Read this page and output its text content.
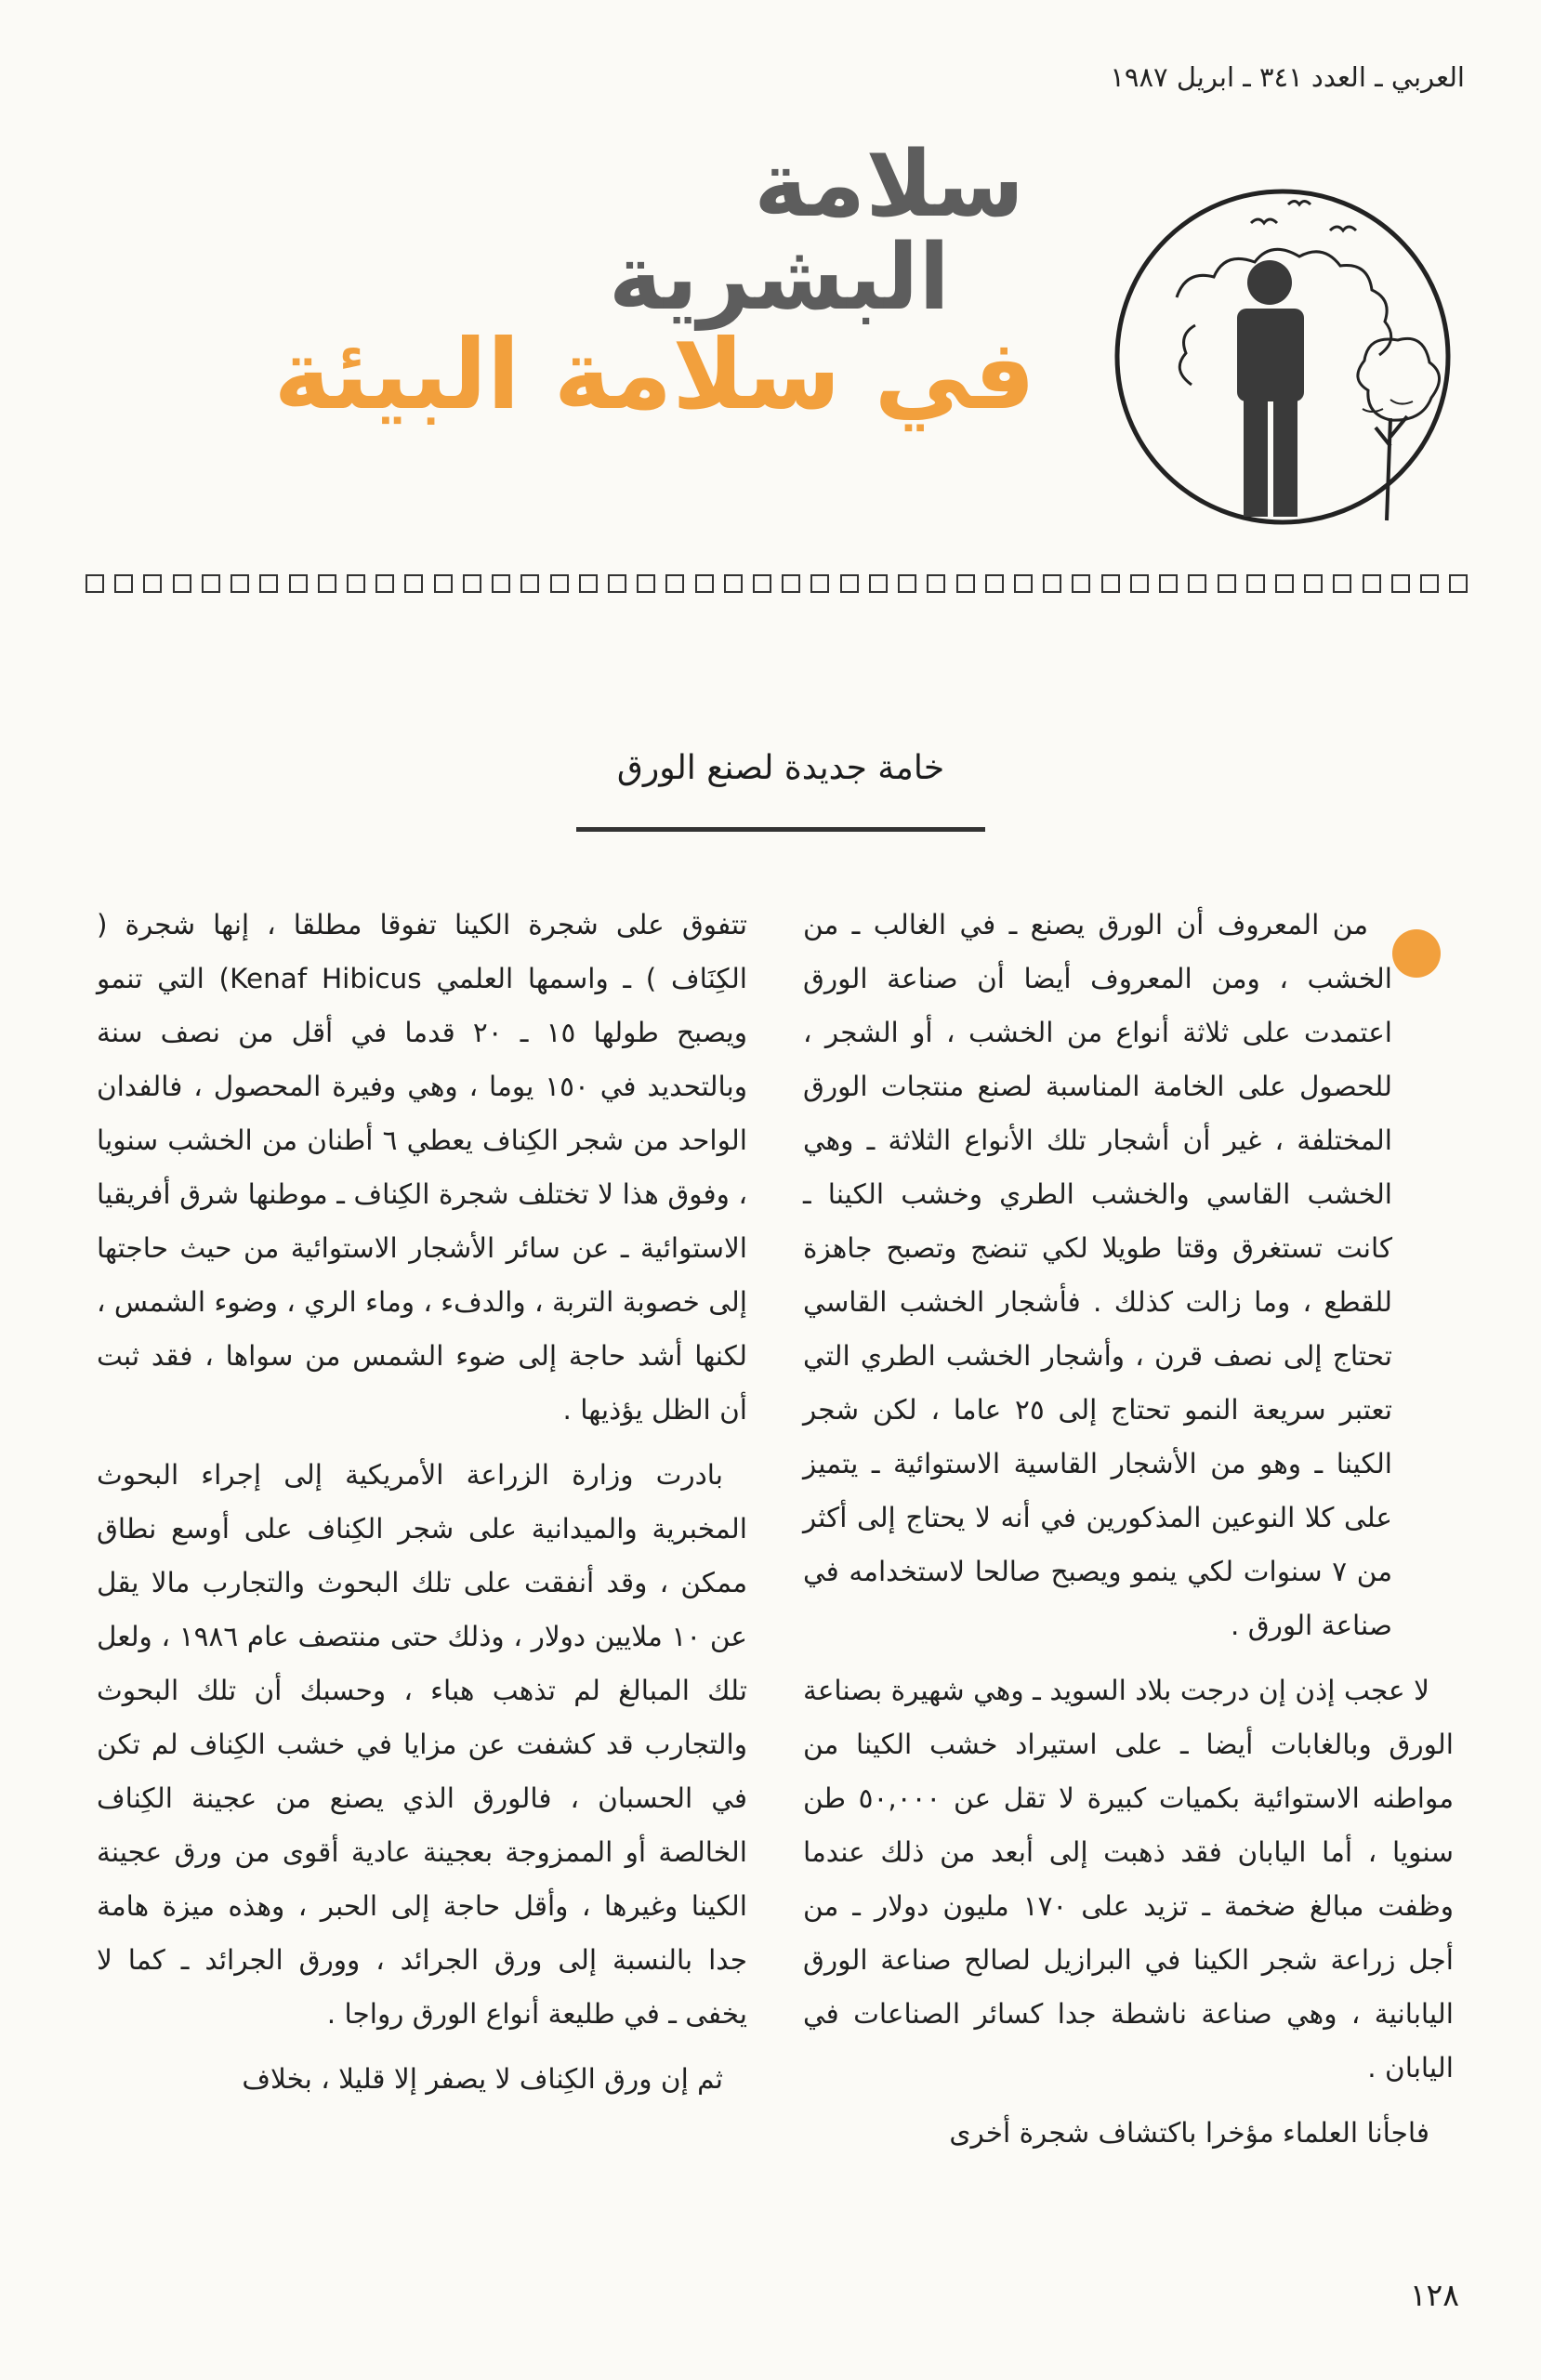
العربي ـ العدد ٣٤١ ـ ابريل ١٩٨٧
سلامة
البشرية
في سلامة البيئة
خامة جديدة لصنع الورق

من المعروف أن الورق يصنع ـ في الغالب ـ من الخشب ، ومن المعروف أيضا أن صناعة الورق اعتمدت على ثلاثة أنواع من الخشب ، أو الشجر ، للحصول على الخامة المناسبة لصنع منتجات الورق المختلفة ، غير أن أشجار تلك الأنواع الثلاثة ـ وهي الخشب القاسي والخشب الطري وخشب الكينا ـ كانت تستغرق وقتا طويلا لكي تنضج وتصبح جاهزة للقطع ، وما زالت كذلك . فأشجار الخشب القاسي تحتاج إلى نصف قرن ، وأشجار الخشب الطري التي تعتبر سريعة النمو تحتاج إلى ٢٥ عاما ، لكن شجر الكينا ـ وهو من الأشجار القاسية الاستوائية ـ يتميز على كلا النوعين المذكورين في أنه لا يحتاج إلى أكثر من ٧ سنوات لكي ينمو ويصبح صالحا لاستخدامه في صناعة الورق .

لا عجب إذن إن درجت بلاد السويد ـ وهي شهيرة بصناعة الورق وبالغابات أيضا ـ على استيراد خشب الكينا من مواطنه الاستوائية بكميات كبيرة لا تقل عن ٥٠,٠٠٠ طن سنويا ، أما اليابان فقد ذهبت إلى أبعد من ذلك عندما وظفت مبالغ ضخمة ـ تزيد على ١٧٠ مليون دولار ـ من أجل زراعة شجر الكينا في البرازيل لصالح صناعة الورق اليابانية ، وهي صناعة ناشطة جدا كسائر الصناعات في اليابان .

فاجأنا العلماء مؤخرا باكتشاف شجرة أخرى

تتفوق على شجرة الكينا تفوقا مطلقا ، إنها شجرة ( الكِنَاف ) ـ واسمها العلمي Kenaf Hibicus) التي تنمو ويصبح طولها ١٥ ـ ٢٠ قدما في أقل من نصف سنة وبالتحديد في ١٥٠ يوما ، وهي وفيرة المحصول ، فالفدان الواحد من شجر الكِناف يعطي ٦ أطنان من الخشب سنويا ، وفوق هذا لا تختلف شجرة الكِناف ـ موطنها شرق أفريقيا الاستوائية ـ عن سائر الأشجار الاستوائية من حيث حاجتها إلى خصوبة التربة ، والدفء ، وماء الري ، وضوء الشمس ، لكنها أشد حاجة إلى ضوء الشمس من سواها ، فقد ثبت أن الظل يؤذيها .

بادرت وزارة الزراعة الأمريكية إلى إجراء البحوث المخبرية والميدانية على شجر الكِناف على أوسع نطاق ممكن ، وقد أنفقت على تلك البحوث والتجارب مالا يقل عن ١٠ ملايين دولار ، وذلك حتى منتصف عام ١٩٨٦ ، ولعل تلك المبالغ لم تذهب هباء ، وحسبك أن تلك البحوث والتجارب قد كشفت عن مزايا في خشب الكِناف لم تكن في الحسبان ، فالورق الذي يصنع من عجينة الكِناف الخالصة أو الممزوجة بعجينة عادية أقوى من ورق عجينة الكينا وغيرها ، وأقل حاجة إلى الحبر ، وهذه ميزة هامة جدا بالنسبة إلى ورق الجرائد ، وورق الجرائد ـ كما لا يخفى ـ في طليعة أنواع الورق رواجا .

ثم إن ورق الكِناف لا يصفر إلا قليلا ، بخلاف

١٢٨
